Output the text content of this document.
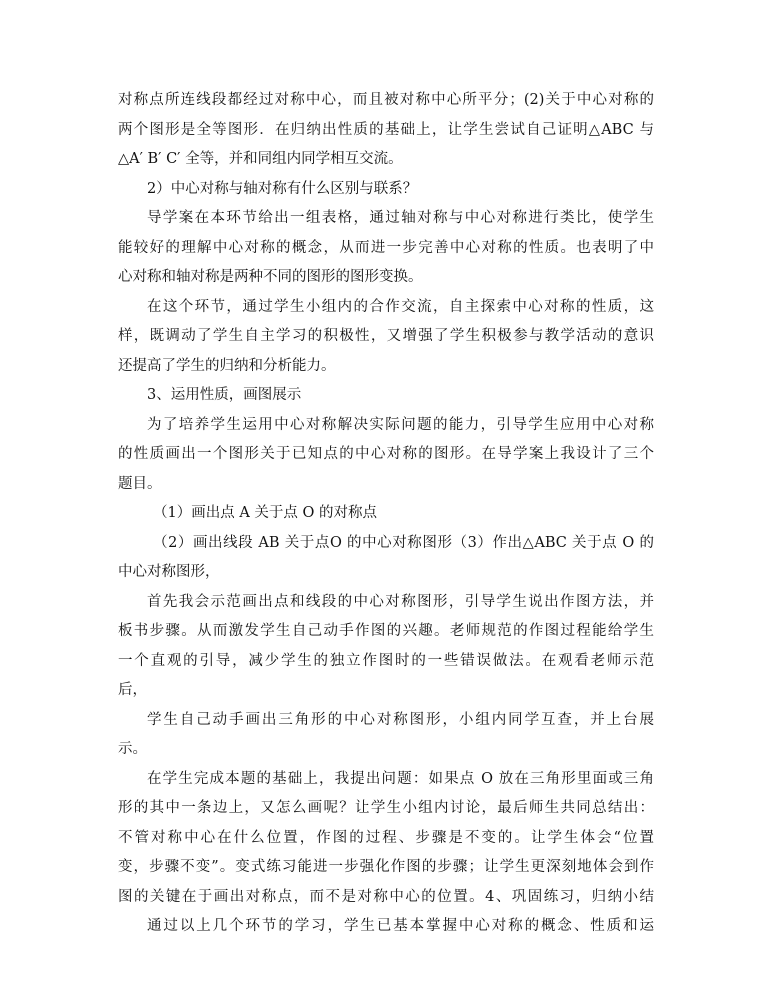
对称点所连线段都经过对称中心，而且被对称中心所平分；(2)关于中心对称的
两个图形是全等图形．在归纳出性质的基础上，让学生尝试自己证明△ABC 与
△A′ B′ C′ 全等，并和同组内同学相互交流。
2）中心对称与轴对称有什么区别与联系？
导学案在本环节给出一组表格，通过轴对称与中心对称进行类比，使学生
能较好的理解中心对称的概念，从而进一步完善中心对称的性质。也表明了中
心对称和轴对称是两种不同的图形的图形变换。
在这个环节，通过学生小组内的合作交流，自主探索中心对称的性质，这
样，既调动了学生自主学习的积极性，又增强了学生积极参与教学活动的意识
还提高了学生的归纳和分析能力。
3、运用性质，画图展示
为了培养学生运用中心对称解决实际问题的能力，引导学生应用中心对称
的性质画出一个图形关于已知点的中心对称的图形。在导学案上我设计了三个
题目。
（1）画出点 A 关于点 O 的对称点
（2）画出线段 AB 关于点O 的中心对称图形（3）作出△ABC 关于点 O 的
中心对称图形，
首先我会示范画出点和线段的中心对称图形，引导学生说出作图方法，并
板书步骤。从而激发学生自己动手作图的兴趣。老师规范的作图过程能给学生
一个直观的引导，减少学生的独立作图时的一些错误做法。在观看老师示范
后，
学生自己动手画出三角形的中心对称图形，小组内同学互查，并上台展
示。
在学生完成本题的基础上，我提出问题：如果点 O 放在三角形里面或三角
形的其中一条边上，又怎么画呢？让学生小组内讨论，最后师生共同总结出：
不管对称中心在什么位置，作图的过程、步骤是不变的。让学生体会“位置
变，步骤不变”。变式练习能进一步强化作图的步骤；让学生更深刻地体会到作
图的关键在于画出对称点，而不是对称中心的位置。4、巩固练习，归纳小结
通过以上几个环节的学习，学生已基本掌握中心对称的概念、性质和运
